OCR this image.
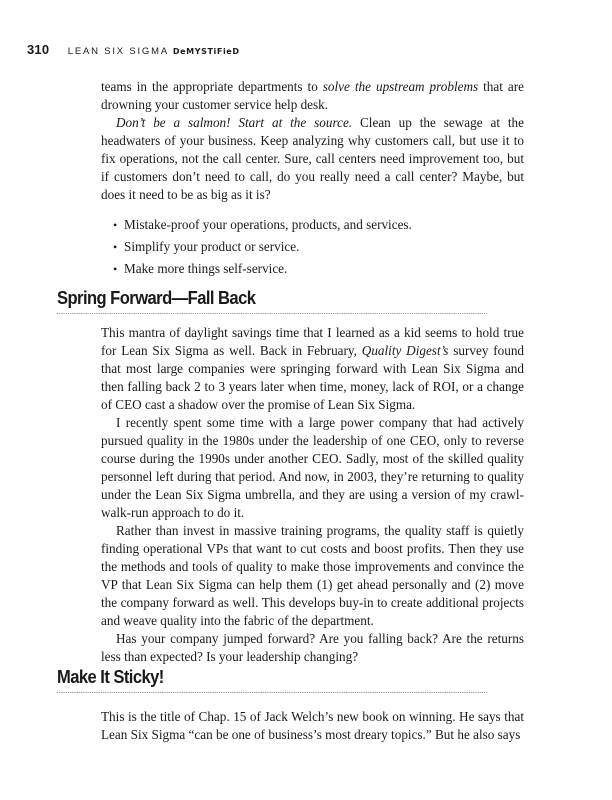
310 LEAN SIX SIGMA DeMYSTiFieD

teams in the appropriate departments to solve the upstream problems that are drowning your customer service help desk.

Don’t be a salmon! Start at the source. Clean up the sewage at the headwaters of your business. Keep analyzing why customers call, but use it to fix operations, not the call center. Sure, call centers need improvement too, but if customers don’t need to call, do you really need a call center? Maybe, but does it need to be as big as it is?

• Mistake-proof your operations, products, and services.
• Simplify your product or service.
• Make more things self-service.
Spring Forward—Fall Back

This mantra of daylight savings time that I learned as a kid seems to hold true for Lean Six Sigma as well. Back in February, Quality Digest’s survey found that most large companies were springing forward with Lean Six Sigma and then falling back 2 to 3 years later when time, money, lack of ROI, or a change of CEO cast a shadow over the promise of Lean Six Sigma.

I recently spent some time with a large power company that had actively pursued quality in the 1980s under the leadership of one CEO, only to reverse course during the 1990s under another CEO. Sadly, most of the skilled quality personnel left during that period. And now, in 2003, they’re returning to quality under the Lean Six Sigma umbrella, and they are using a version of my crawl-walk-run approach to do it.

Rather than invest in massive training programs, the quality staff is quietly finding operational VPs that want to cut costs and boost profits. Then they use the methods and tools of quality to make those improvements and convince the VP that Lean Six Sigma can help them (1) get ahead personally and (2) move the company forward as well. This develops buy-in to create additional projects and weave quality into the fabric of the department.

Has your company jumped forward? Are you falling back? Are the returns less than expected? Is your leadership changing?

Make It Sticky!

This is the title of Chap. 15 of Jack Welch’s new book on winning. He says that Lean Six Sigma “can be one of business’s most dreary topics.” But he also says
